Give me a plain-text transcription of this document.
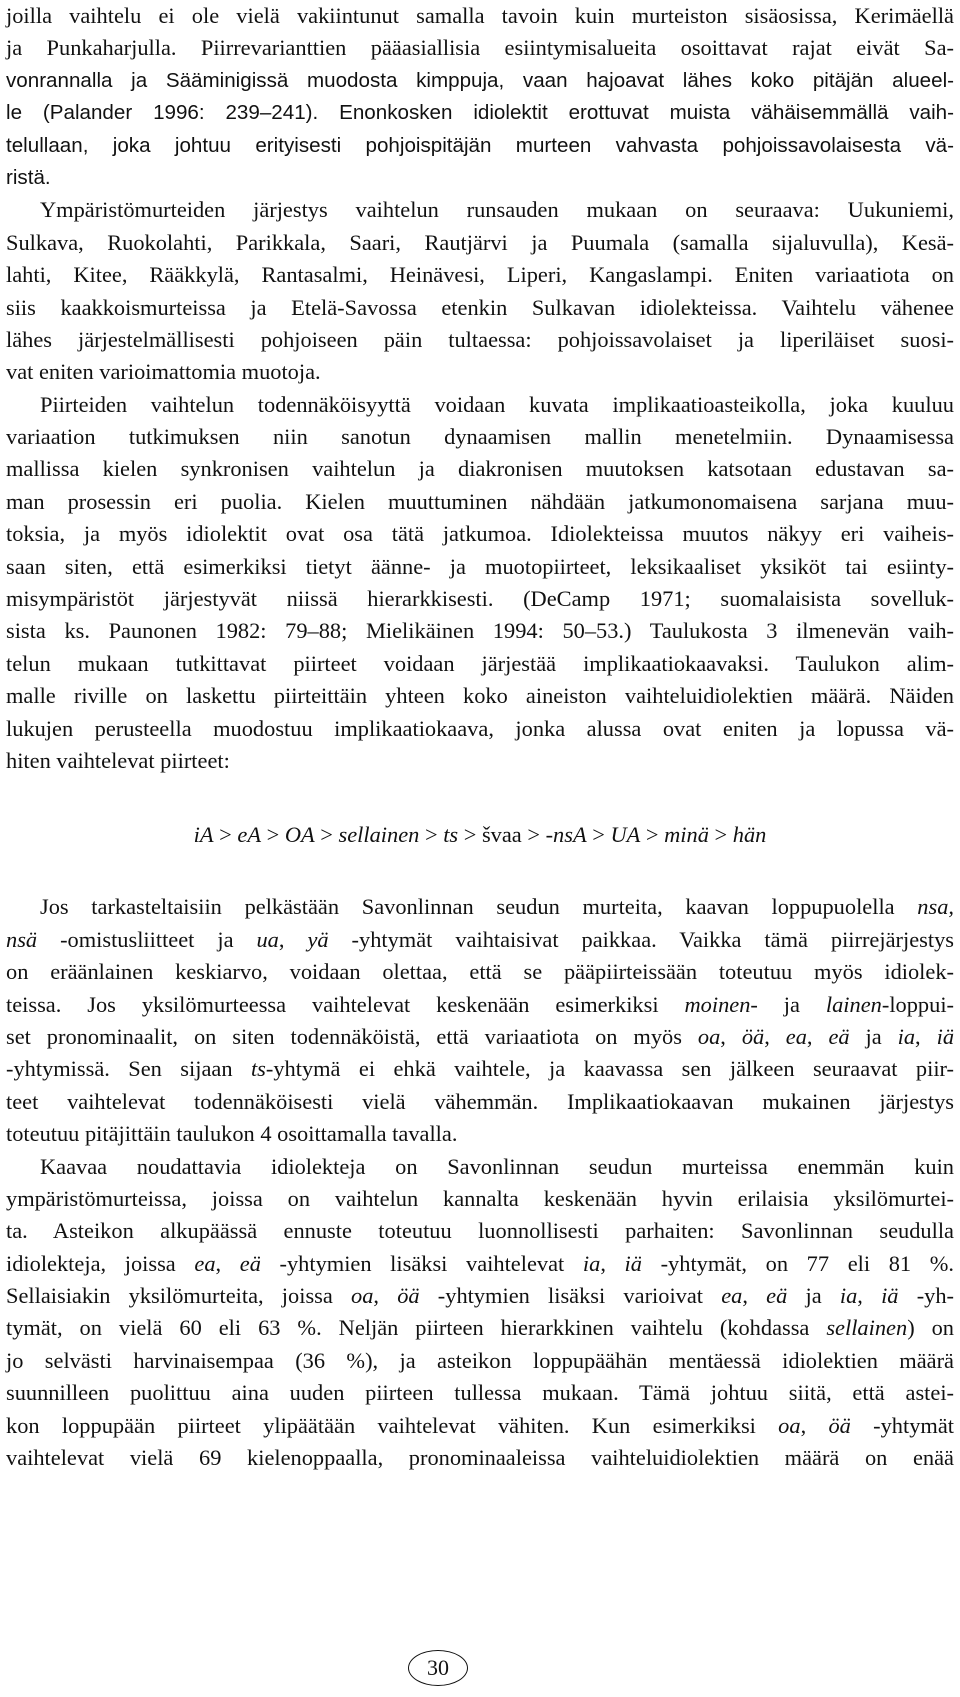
joilla vaihtelu ei ole vielä vakiintunut samalla tavoin kuin murteiston sisäosissa, Kerimäellä
ja Punkaharjulla. Piirrevarianttien pääasiallisia esiintymisalueita osoittavat rajat eivät Sa-
vonrannalla ja Sääminigissä muodosta kimppuja, vaan hajoavat lähes koko pitäjän alueel-
le (Palander 1996: 239–241). Enonkosken idiolektit erottuvat muista vähäisemmällä vaih-
telullaan, joka johtuu erityisesti pohjoispitäjän murteen vahvasta pohjoissavolaisesta vä-
ristä.
Ympäristömurteiden järjestys vaihtelun runsauden mukaan on seuraava: Uukuniemi,
Sulkava, Ruokolahti, Parikkala, Saari, Rautjärvi ja Puumala (samalla sijaluvulla), Kesä-
lahti, Kitee, Rääkkylä, Rantasalmi, Heinävesi, Liperi, Kangaslampi. Eniten variaatiota on
siis kaakkoismurteissa ja Etelä-Savossa etenkin Sulkavan idiolekteissa. Vaihtelu vähenee
lähes järjestelmällisesti pohjoiseen päin tultaessa: pohjoissavolaiset ja liperiläiset suosi-
vat eniten varioimattomia muotoja.
Piirteiden vaihtelun todennäköisyyttä voidaan kuvata implikaatioasteikolla, joka kuuluu
variaation tutkimuksen niin sanotun dynaamisen mallin menetelmiin. Dynaamisessa
mallissa kielen synkronisen vaihtelun ja diakronisen muutoksen katsotaan edustavan sa-
man prosessin eri puolia. Kielen muuttuminen nähdään jatkumonomaisena sarjana muu-
toksia, ja myös idiolektit ovat osa tätä jatkumoa. Idiolekteissa muutos näkyy eri vaiheis-
saan siten, että esimerkiksi tietyt äänne- ja muotopiirteet, leksikaaliset yksiköt tai esiinty-
misympäristöt järjestyvät niissä hierarkkisesti. (DeCamp 1971; suomalaisista sovelluk-
sista ks. Paunonen 1982: 79–88; Mielikäinen 1994: 50–53.) Taulukosta 3 ilmenevän vaih-
telun mukaan tutkittavat piirteet voidaan järjestää implikaatiokaavaksi. Taulukon alim-
malle riville on laskettu piirteittäin yhteen koko aineiston vaihteluidiolektien määrä. Näiden
lukujen perusteella muodostuu implikaatiokaava, jonka alussa ovat eniten ja lopussa vä-
hiten vaihtelevat piirteet:
iA > eA > OA > sellainen > ts > švaa > -nsA > UA > minä > hän
Jos tarkasteltaisiin pelkästään Savonlinnan seudun murteita, kaavan loppupuolella nsa,
nsä -omistusliitteet ja ua, yä -yhtymät vaihtaisivat paikkaa. Vaikka tämä piirrejärjestys
on eräänlainen keskiarvo, voidaan olettaa, että se pääpiirteissään toteutuu myös idiolek-
teissa. Jos yksilömurteessa vaihtelevat keskenään esimerkiksi moinen- ja lainen-loppui-
set pronominaalit, on siten todennäköistä, että variaatiota on myös oa, öä, ea, eä ja ia, iä
-yhtymissä. Sen sijaan ts-yhtymä ei ehkä vaihtele, ja kaavassa sen jälkeen seuraavat piir-
teet vaihtelevat todennäköisesti vielä vähemmän. Implikaatiokaavan mukainen järjestys
toteutuu pitäjittäin taulukon 4 osoittamalla tavalla.
Kaavaa noudattavia idiolekteja on Savonlinnan seudun murteissa enemmän kuin
ympäristömurteissa, joissa on vaihtelun kannalta keskenään hyvin erilaisia yksilömurtei-
ta. Asteikon alkupäässä ennuste toteutuu luonnollisesti parhaiten: Savonlinnan seudulla
idiolekteja, joissa ea, eä -yhtymien lisäksi vaihtelevat ia, iä -yhtymät, on 77 eli 81 %.
Sellaisiakin yksilömurteita, joissa oa, öä -yhtymien lisäksi varioivat ea, eä ja ia, iä -yh-
tymät, on vielä 60 eli 63 %. Neljän piirteen hierarkkinen vaihtelu (kohdassa sellainen) on
jo selvästi harvinaisempaa (36 %), ja asteikon loppupäähän mentäessä idiolektien määrä
suunnilleen puolittuu aina uuden piirteen tullessa mukaan. Tämä johtuu siitä, että astei-
kon loppupään piirteet ylipäätään vaihtelevat vähiten. Kun esimerkiksi oa, öä -yhtymät
vaihtelevat vielä 69 kielenoppaalla, pronominaaleissa vaihteluidiolektien määrä on enää
30
